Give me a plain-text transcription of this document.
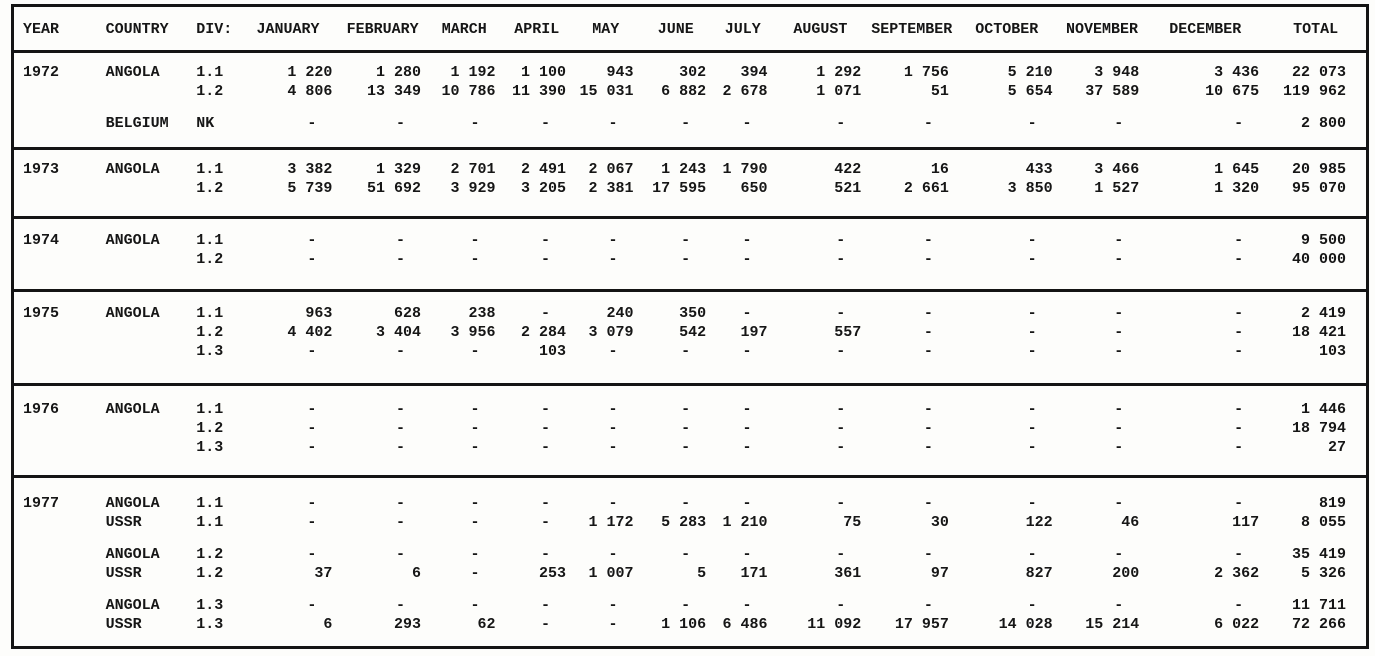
YEAR	COUNTRY	DIV:	JANUARY	FEBRUARY	MARCH	APRIL	MAY	JUNE	JULY	AUGUST	SEPTEMBER	OCTOBER	NOVEMBER	DECEMBER	TOTAL

1972	ANGOLA	1.1	1 220	1 280	1 192	1 100	943	302	394	1 292	1 756	5 210	3 948	3 436	22 073
		1.2	4 806	13 349	10 786	11 390	15 031	6 882	2 678	1 071	51	5 654	37 589	10 675	119 962

	BELGIUM	NK	-	-	-	-	-	-	-	-	-	-	-	-	2 800

1973	ANGOLA	1.1	3 382	1 329	2 701	2 491	2 067	1 243	1 790	422	16	433	3 466	1 645	20 985
		1.2	5 739	51 692	3 929	3 205	2 381	17 595	650	521	2 661	3 850	1 527	1 320	95 070

1974	ANGOLA	1.1	-	-	-	-	-	-	-	-	-	-	-	-	9 500
		1.2	-	-	-	-	-	-	-	-	-	-	-	-	40 000

1975	ANGOLA	1.1	963	628	238	-	240	350	-	-	-	-	-	-	2 419
		1.2	4 402	3 404	3 956	2 284	3 079	542	197	557	-	-	-	-	18 421
		1.3	-	-	-	103	-	-	-	-	-	-	-	-	103

1976	ANGOLA	1.1	-	-	-	-	-	-	-	-	-	-	-	-	1 446
		1.2	-	-	-	-	-	-	-	-	-	-	-	-	18 794
		1.3	-	-	-	-	-	-	-	-	-	-	-	-	27

1977	ANGOLA	1.1	-	-	-	-	-	-	-	-	-	-	-	-	819
	USSR	1.1	-	-	-	-	1 172	5 283	1 210	75	30	122	46	117	8 055

	ANGOLA	1.2	-	-	-	-	-	-	-	-	-	-	-	-	35 419
	USSR	1.2	37	6	-	253	1 007	5	171	361	97	827	200	2 362	5 326

	ANGOLA	1.3	-	-	-	-	-	-	-	-	-	-	-	-	11 711
	USSR	1.3	6	293	62	-	-	1 106	6 486	11 092	17 957	14 028	15 214	6 022	72 266
